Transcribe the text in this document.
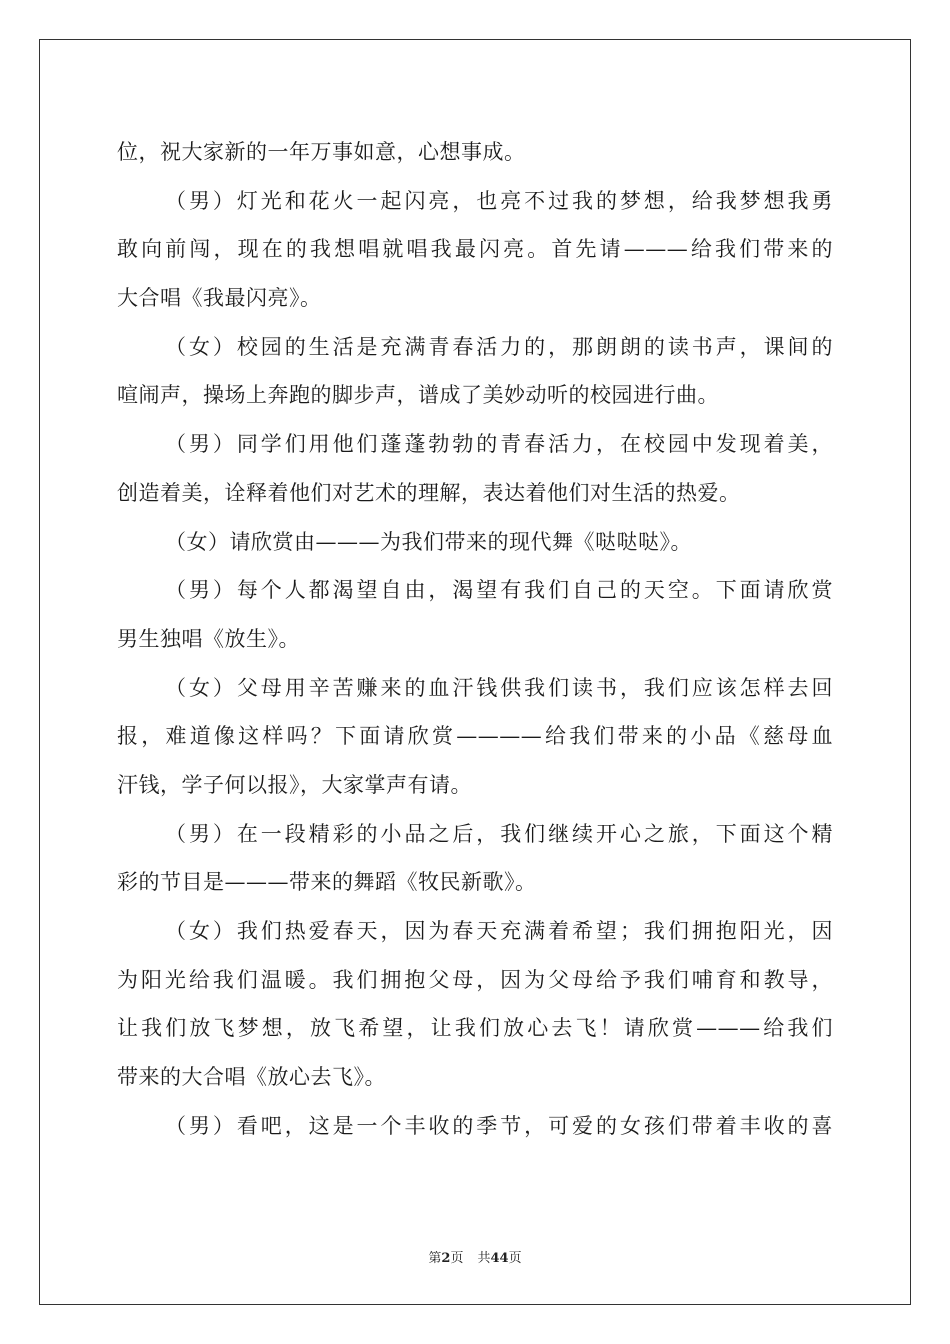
位，祝大家新的一年万事如意，心想事成。
（男）灯光和花火一起闪亮，也亮不过我的梦想，给我梦想我勇
敢向前闯，现在的我想唱就唱我最闪亮。首先请———给我们带来的
大合唱《我最闪亮》。
（女）校园的生活是充满青春活力的，那朗朗的读书声，课间的
喧闹声，操场上奔跑的脚步声，谱成了美妙动听的校园进行曲。
（男）同学们用他们蓬蓬勃勃的青春活力，在校园中发现着美，
创造着美，诠释着他们对艺术的理解，表达着他们对生活的热爱。
（女）请欣赏由———为我们带来的现代舞《哒哒哒》。
（男）每个人都渴望自由，渴望有我们自己的天空。下面请欣赏
男生独唱《放生》。
（女）父母用辛苦赚来的血汗钱供我们读书，我们应该怎样去回
报，难道像这样吗？下面请欣赏————给我们带来的小品《慈母血
汗钱，学子何以报》，大家掌声有请。
（男）在一段精彩的小品之后，我们继续开心之旅，下面这个精
彩的节目是———带来的舞蹈《牧民新歌》。
（女）我们热爱春天，因为春天充满着希望；我们拥抱阳光，因
为阳光给我们温暖。我们拥抱父母，因为父母给予我们哺育和教导，
让我们放飞梦想，放飞希望，让我们放心去飞！请欣赏———给我们
带来的大合唱《放心去飞》。
（男）看吧，这是一个丰收的季节，可爱的女孩们带着丰收的喜
第2页 共44页
